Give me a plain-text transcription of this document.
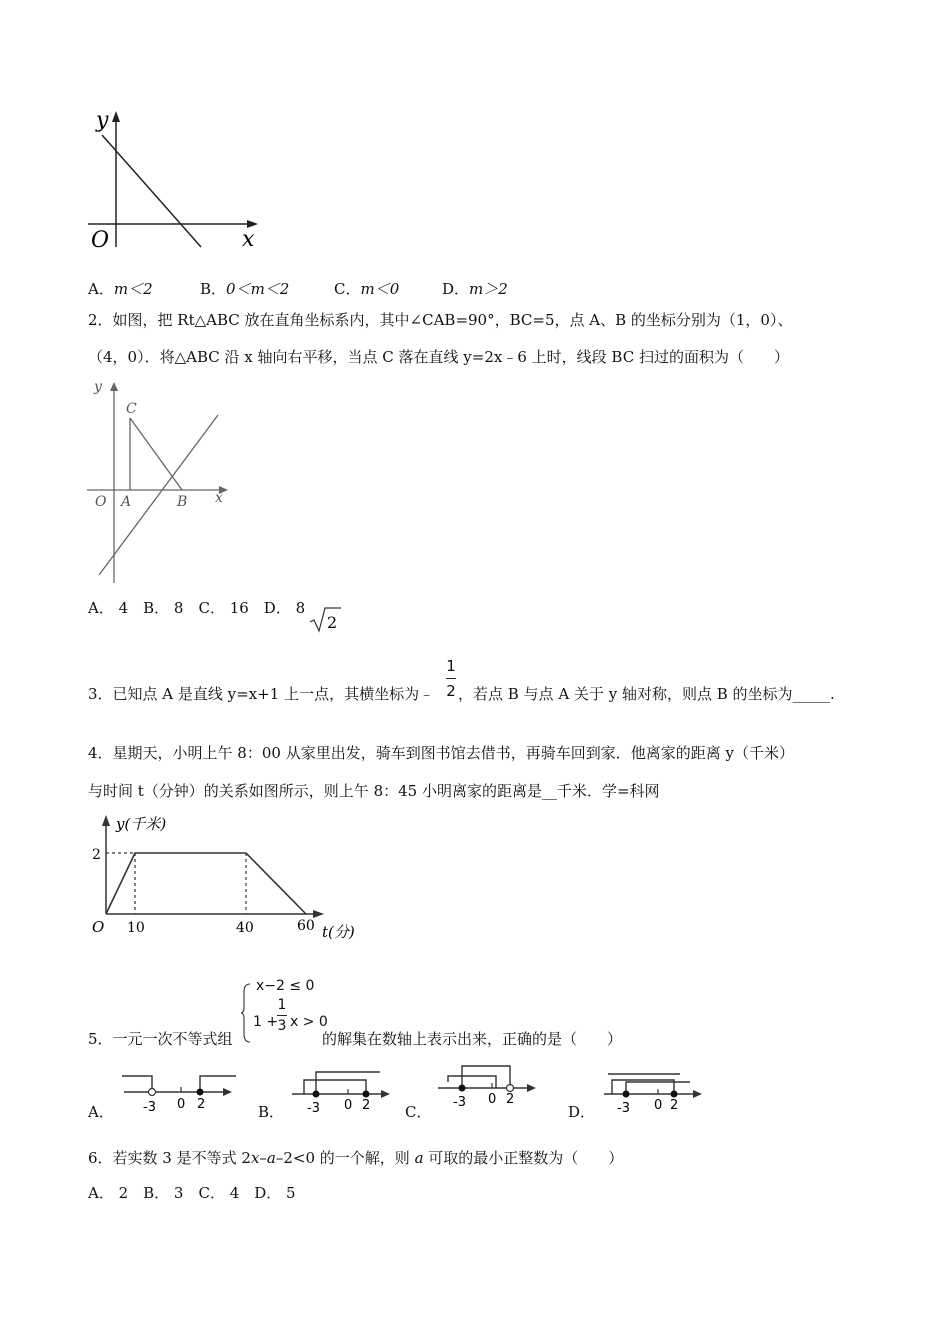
y
x
O
A．m＜2	B．0＜m＜2	C．m＜0	D．m＞2
2．如图，把 Rt△ABC 放在直角坐标系内，其中∠CAB=90°，BC=5，点 A、B 的坐标分别为（1，0）、
（4，0）．将△ABC 沿 x 轴向右平移，当点 C 落在直线 y=2x﹣6 上时，线段 BC 扫过的面积为（　　）
y
C
O A	B x
A． 4　B． 8　C． 16　D． 8
2
3．已知点 A 是直线 y=x+1 上一点，其横坐标为﹣
1
2 ，若点 B 与点 A 关于 y 轴对称，则点 B 的坐标为_____.
4．星期天，小明上午 8：00 从家里出发，骑车到图书馆去借书，再骑车回到家．他离家的距离 y（千米）
与时间 t（分钟）的关系如图所示，则上午 8：45 小明离家的距离是__千米．学=科网
y(千米)
2
O 10	40	60 t(分)
5．一元一次不等式组
x−2 ≤ 0
1 +
1
3 x > 0
的解集在数轴上表示出来，正确的是（　　）
A． -3 0 2	B． -3 0 2 C．
-3 0 2
D． -3 0 2
6．若实数 3 是不等式 2x–a–2<0 的一个解，则 a 可取的最小正整数为（　　）
A． 2　B． 3　C． 4　D． 5
